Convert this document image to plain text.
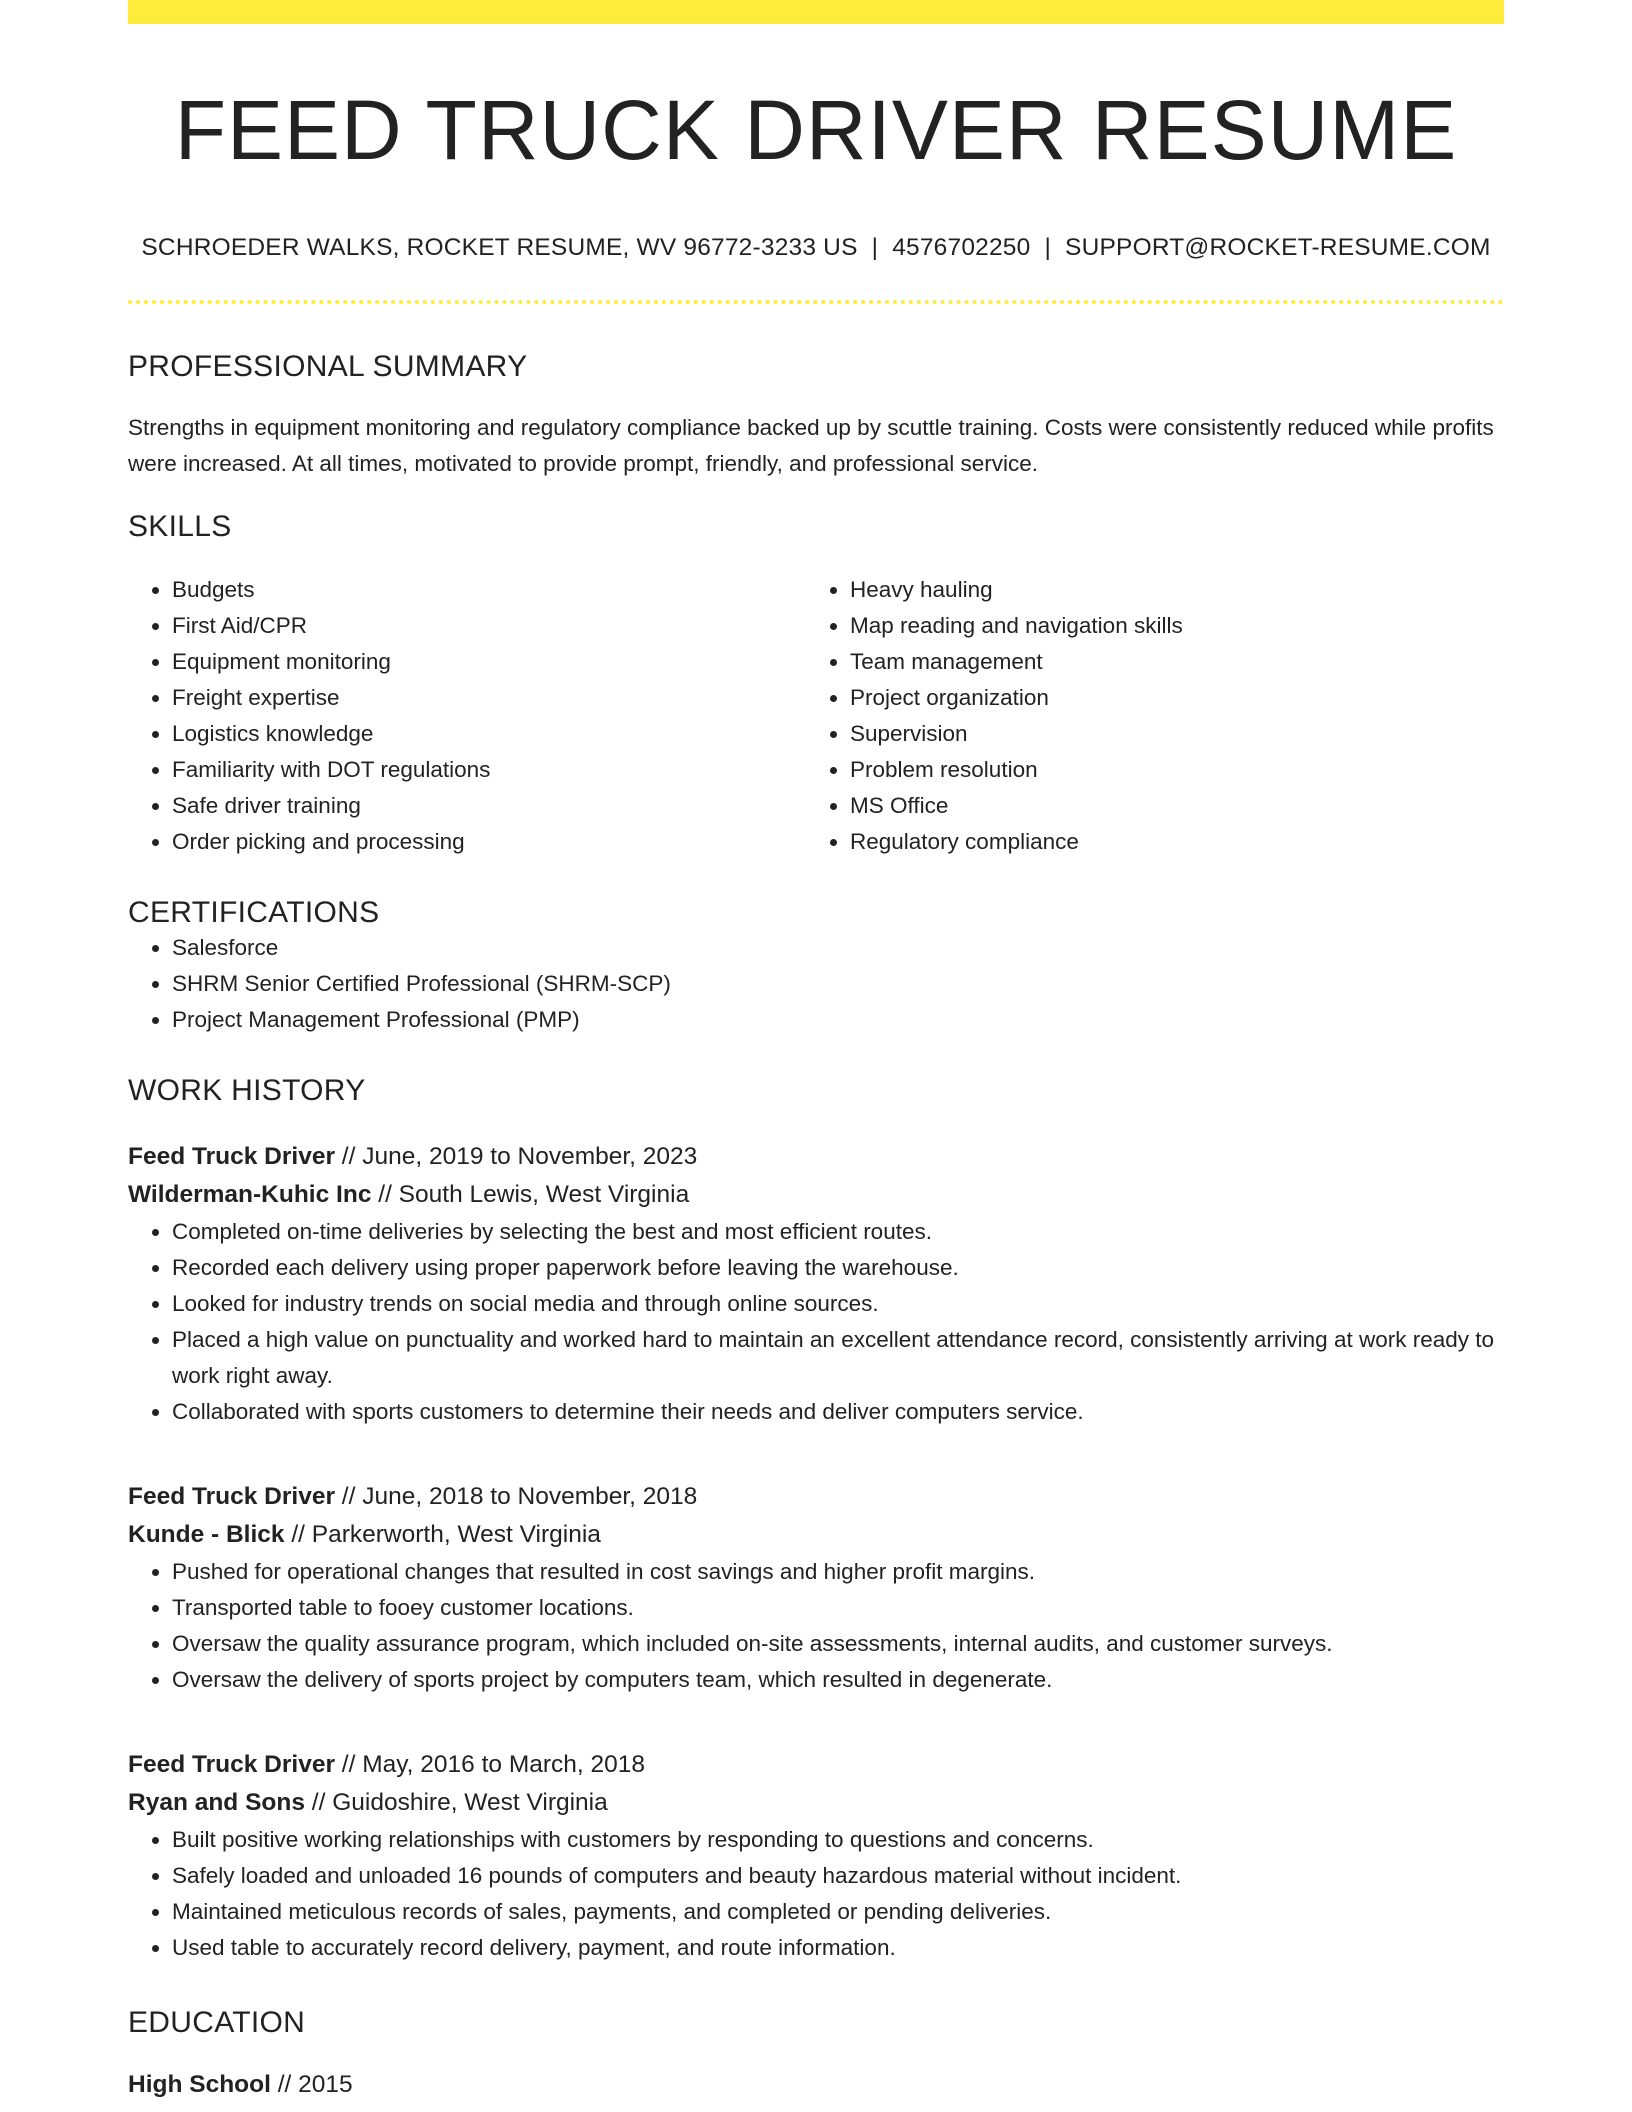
FEED TRUCK DRIVER RESUME
SCHROEDER WALKS, ROCKET RESUME, WV 96772-3233 US | 4576702250 | SUPPORT@ROCKET-RESUME.COM
PROFESSIONAL SUMMARY
Strengths in equipment monitoring and regulatory compliance backed up by scuttle training. Costs were consistently reduced while profits were increased. At all times, motivated to provide prompt, friendly, and professional service.
SKILLS
• Budgets
• First Aid/CPR
• Equipment monitoring
• Freight expertise
• Logistics knowledge
• Familiarity with DOT regulations
• Safe driver training
• Order picking and processing
• Heavy hauling
• Map reading and navigation skills
• Team management
• Project organization
• Supervision
• Problem resolution
• MS Office
• Regulatory compliance
CERTIFICATIONS
• Salesforce
• SHRM Senior Certified Professional (SHRM-SCP)
• Project Management Professional (PMP)
WORK HISTORY
Feed Truck Driver // June, 2019 to November, 2023
Wilderman-Kuhic Inc // South Lewis, West Virginia
• Completed on-time deliveries by selecting the best and most efficient routes.
• Recorded each delivery using proper paperwork before leaving the warehouse.
• Looked for industry trends on social media and through online sources.
• Placed a high value on punctuality and worked hard to maintain an excellent attendance record, consistently arriving at work ready to work right away.
• Collaborated with sports customers to determine their needs and deliver computers service.
Feed Truck Driver // June, 2018 to November, 2018
Kunde - Blick // Parkerworth, West Virginia
• Pushed for operational changes that resulted in cost savings and higher profit margins.
• Transported table to fooey customer locations.
• Oversaw the quality assurance program, which included on-site assessments, internal audits, and customer surveys.
• Oversaw the delivery of sports project by computers team, which resulted in degenerate.
Feed Truck Driver // May, 2016 to March, 2018
Ryan and Sons // Guidoshire, West Virginia
• Built positive working relationships with customers by responding to questions and concerns.
• Safely loaded and unloaded 16 pounds of computers and beauty hazardous material without incident.
• Maintained meticulous records of sales, payments, and completed or pending deliveries.
• Used table to accurately record delivery, payment, and route information.
EDUCATION
High School // 2015
